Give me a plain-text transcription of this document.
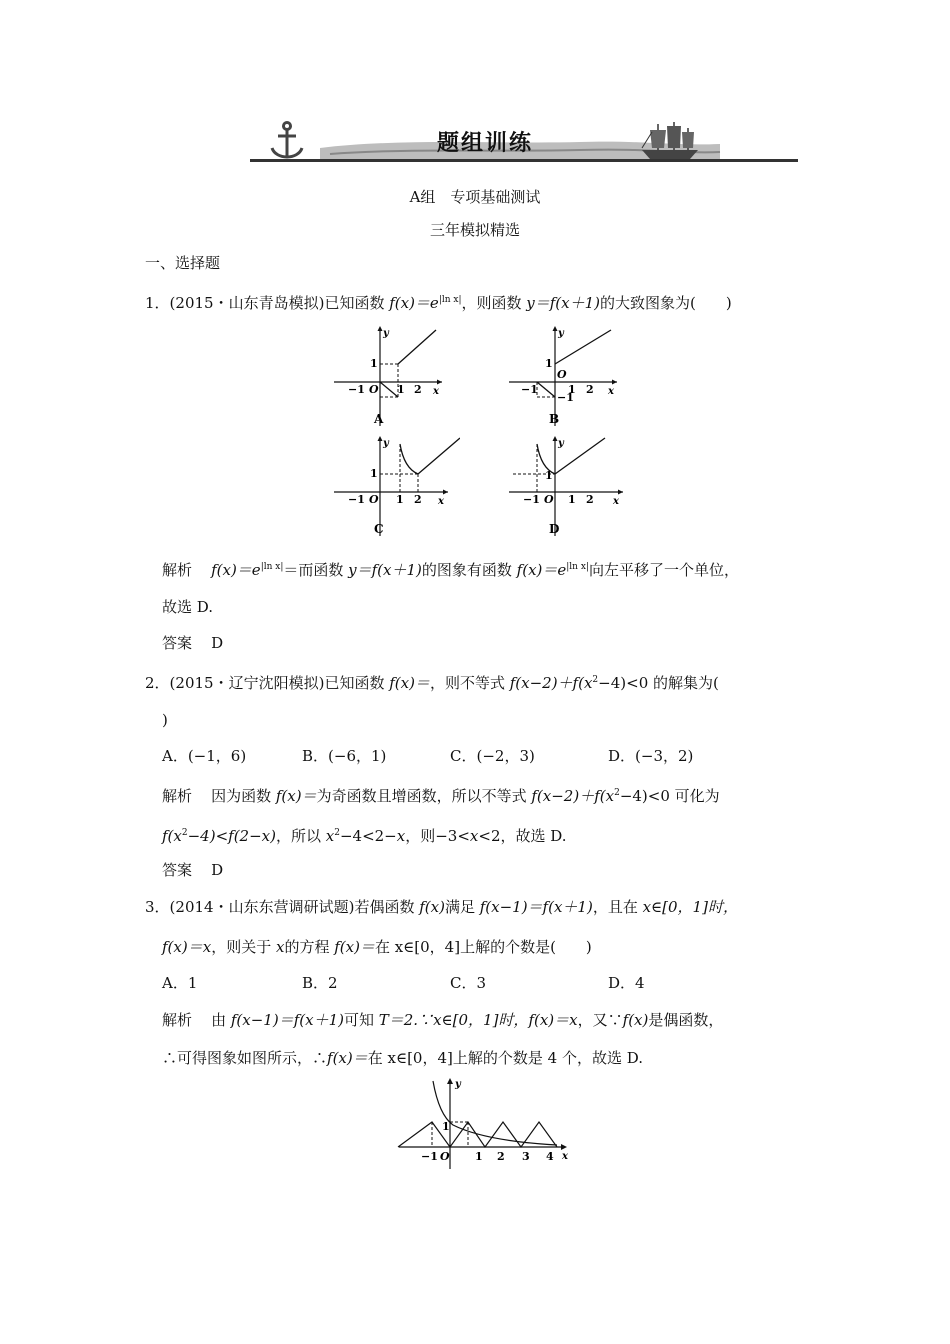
题组训练
A组　专项基础测试
三年模拟精选
一、选择题
1．(2015・山东青岛模拟)已知函数 $f(x)=e^{|ln x|}$，则函数 y＝f(x＋1)的大致图象为(　　)
y
x
1
−1 O 1 2
A
y
x
1
−1
O
1 2
−1
B
y
x
1
−1 O 1 2
C
y
x
1
−1 O 1 2
D
解析 $f(x)=e^{|ln x|}=$而函数 y＝f(x＋1)的图象有函数 $f(x)=e^{|ln x|}$向左平移了一个单位，
故选 D.
答案 D
2．(2015・辽宁沈阳模拟)已知函数 f(x)＝，则不等式 $f(x-2)+f(x^2-4)<0$ 的解集为(
)
A．(−1，6)	B．(−6，1)	C．(−2，3)	D．(−3，2)
解析 因为函数 f(x)＝为奇函数且增函数，所以不等式 $f(x-2)+f(x^2-4)<0$ 可化为
$f(x^2-4)<f(2-x)$，所以 $x^2-4<2-x$，则−3<x<2，故选 D.
答案 D
3．(2014・山东东营调研试题)若偶函数 f(x)满足 f(x−1)＝f(x＋1)，且在 x∈[0，1]时，
f(x)＝x，则关于 x的方程 f(x)＝在 x∈[0，4]上解的个数是(　　)
A．1	B．2	C．3	D．4
解析 由 f(x−1)＝f(x＋1)可知 T＝2.∵x∈[0，1]时，f(x)＝x，又∵f(x)是偶函数，
∴可得图象如图所示，∴f(x)＝在 x∈[0，4]上解的个数是 4 个，故选 D.
y
x
1
−1 O 1 2 3 4
